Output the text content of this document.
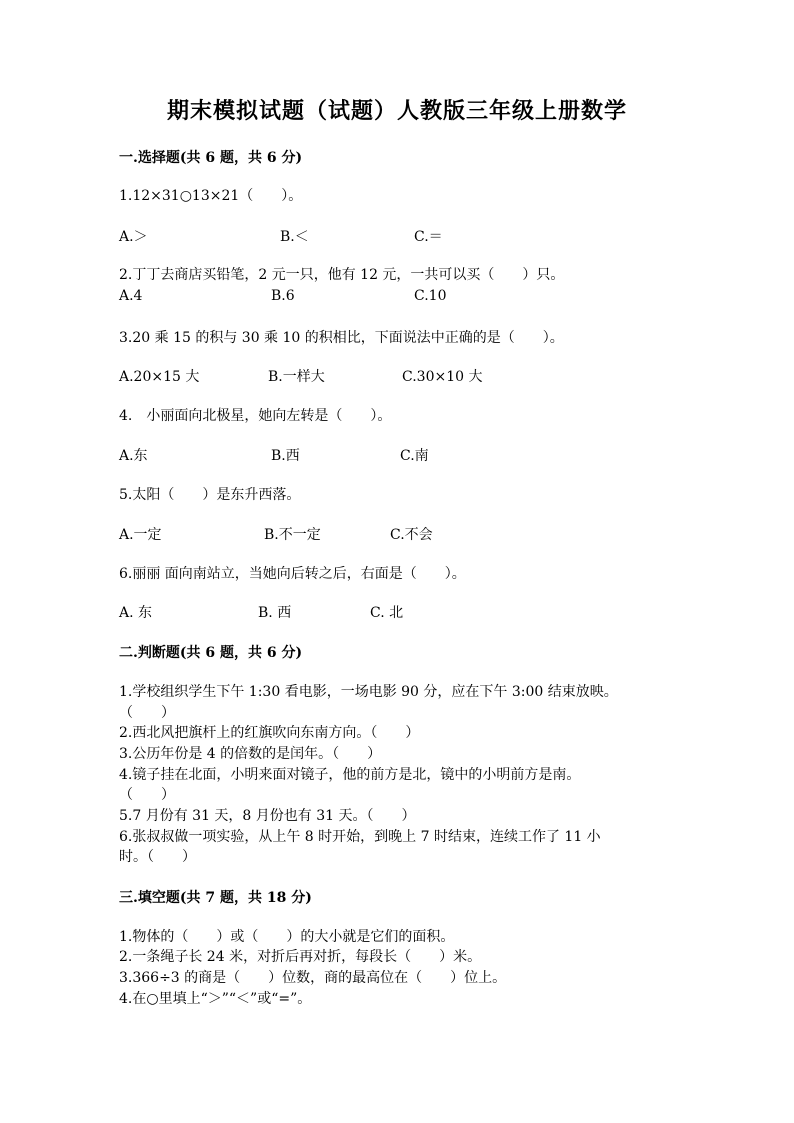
期末模拟试题（试题）人教版三年级上册数学
一.选择题(共 6 题，共 6 分)
1.12×31○13×21（　　）。
A.＞	B.＜	C.＝
2.丁丁去商店买铅笔，2 元一只，他有 12 元，一共可以买（　　）只。
A.4	B.6	C.10
3.20 乘 15 的积与 30 乘 10 的积相比，下面说法中正确的是（　　）。
A.20×15 大	B.一样大	C.30×10 大
4.　小丽面向北极星，她向左转是（　　）。
A.东	B.西	C.南
5.太阳（　　）是东升西落。
A.一定	B.不一定	C.不会
6.丽丽 面向南站立，当她向后转之后，右面是（　　）。
A. 东	B. 西	C. 北
二.判断题(共 6 题，共 6 分)
1.学校组织学生下午 1:30 看电影，一场电影 90 分，应在下午 3:00 结束放映。
（　　）
2.西北风把旗杆上的红旗吹向东南方向。（　　）
3.公历年份是 4 的倍数的是闰年。（　　）
4.镜子挂在北面，小明来面对镜子，他的前方是北，镜中的小明前方是南。
（　　）
5.7 月份有 31 天，8 月份也有 31 天。（　　）
6.张叔叔做一项实验，从上午 8 时开始，到晚上 7 时结束，连续工作了 11 小
时。（　　）
三.填空题(共 7 题，共 18 分)
1.物体的（　　）或（　　）的大小就是它们的面积。
2.一条绳子长 24 米，对折后再对折，每段长（　　）米。
3.366÷3 的商是（　　）位数，商的最高位在（　　）位上。
4.在○里填上“＞”“＜”或“=”。
